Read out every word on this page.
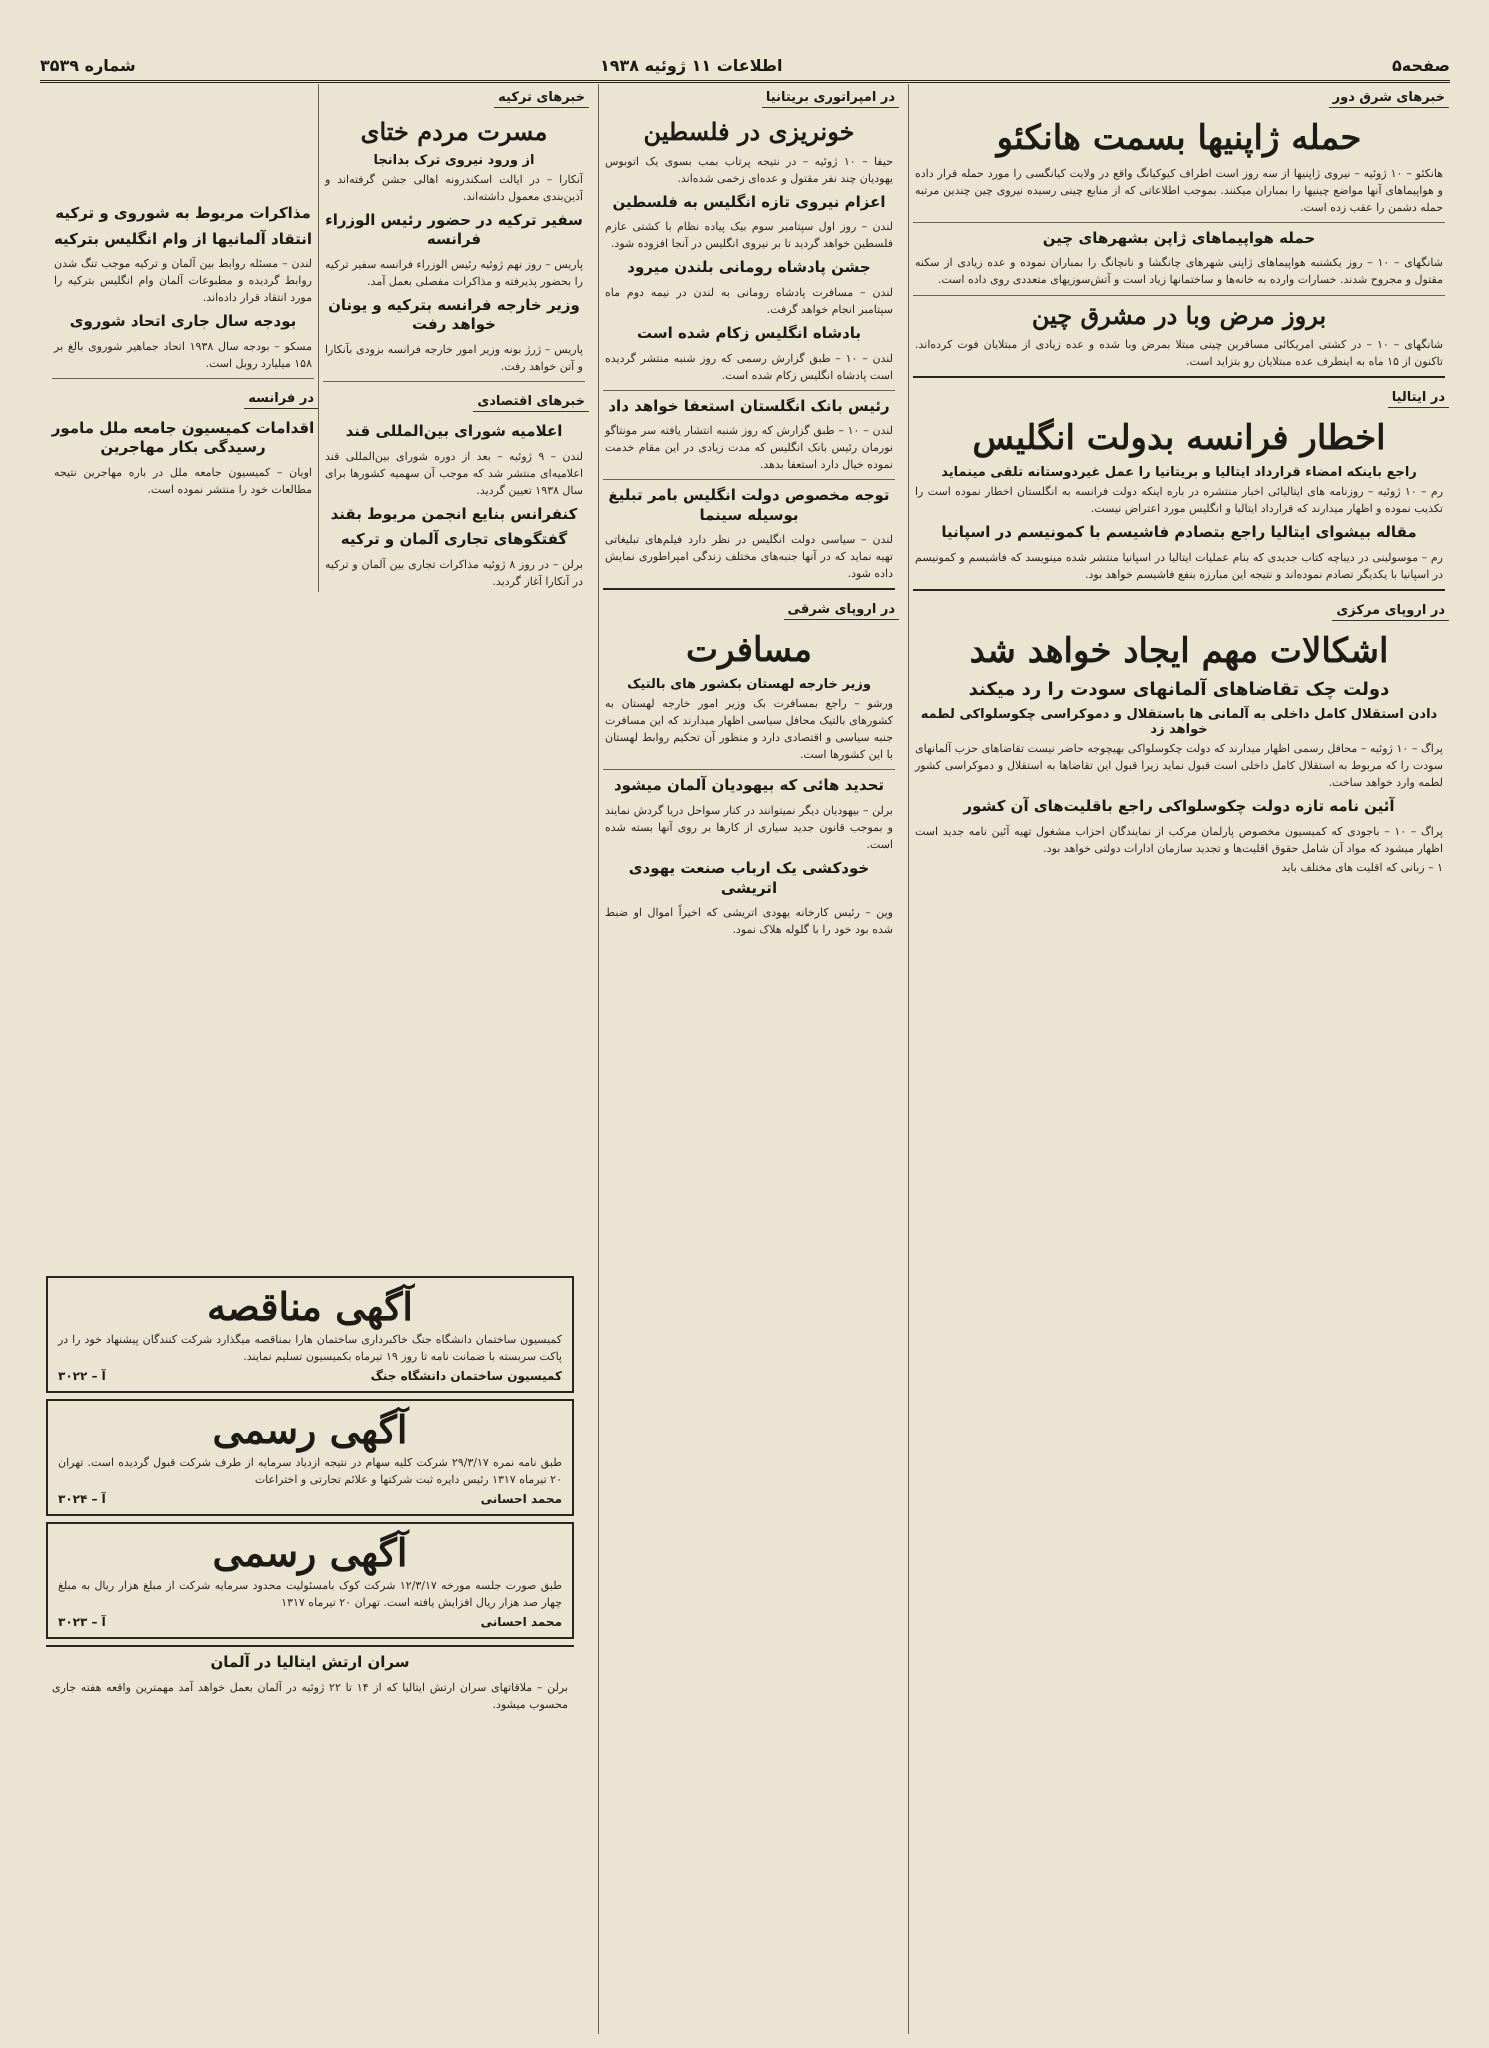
صفحه۵
اطلاعات ۱۱ ژوئیه ۱۹۳۸
شماره ۳۵۳۹
خبرهای شرق دور
حمله ژاپنیها بسمت هانکئو
هانکئو – ۱۰ ژوئیه – نیروی ژاپنیها از سه روز است اطراف کیوکیانگ واقع در ولایت کیانگسی را مورد حمله قرار داده و هواپیماهای آنها مواضع چینیها را بمباران میکنند. بموجب اطلاعاتی که از منابع چینی رسیده نیروی چین چندین مرتبه حمله دشمن را عقب زده است.
حمله هواپیماهای ژاپن بشهرهای چین
شانگهای – ۱۰ – روز یکشنبه هواپیماهای ژاپنی شهرهای چانگشا و نانچانگ را بمباران نموده و عده زیادی از سکنه مقتول و مجروح شدند. خسارات وارده به خانه‌ها و ساختمانها زیاد است و آتش‌سوزیهای متعددی روی داده است.
بروز مرض وبا در مشرق چین
شانگهای – ۱۰ – در کشتی امریکائی مسافرین چینی مبتلا بمرض وبا شده و عده زیادی از مبتلایان فوت کرده‌اند. تاکنون از ۱۵ ماه به اینطرف عده مبتلایان رو بتزاید است.
در ایتالیا
اخطار فرانسه بدولت انگلیس
راجع باینکه امضاء قرارداد ایتالیا و بریتانیا را عمل غیردوستانه تلقی مینماید
رم – ۱۰ ژوئیه – روزنامه های ایتالیائی اخبار منتشره در باره اینکه دولت فرانسه به انگلستان اخطار نموده است را تکذیب نموده و اظهار میدارند که قرارداد ایتالیا و انگلیس مورد اعتراض نیست.
مقاله بیشوای ایتالیا راجع بتصادم فاشیسم با کمونیسم در اسپانیا
رم – موسولینی در دیباچه کتاب جدیدی که بنام عملیات ایتالیا در اسپانیا منتشر شده مینویسد که فاشیسم و کمونیسم در اسپانیا با یکدیگر تصادم نموده‌اند و نتیجه این مبارزه بنفع فاشیسم خواهد بود.
در اروپای مرکزی
اشکالات مهم ایجاد خواهد شد
دولت چک تقاضاهای آلمانهای سودت را رد میکند
دادن استقلال کامل داخلی به آلمانی ها باستقلال و دموکراسی چکوسلواکی لطمه خواهد زد
پراگ – ۱۰ ژوئیه – محافل رسمی اظهار میدارند که دولت چکوسلواکی بهیچوجه حاضر نیست تقاضاهای حزب آلمانهای سودت را که مربوط به استقلال کامل داخلی است قبول نماید زیرا قبول این تقاضاها به استقلال و دموکراسی کشور لطمه وارد خواهد ساخت.
آئین نامه تازه دولت چکوسلواکی راجع باقلیت‌های آن کشور
پراگ – ۱۰ – باجودی که کمیسیون مخصوص پارلمان مرکب از نمایندگان احزاب مشغول تهیه آئین نامه جدید است اظهار میشود که مواد آن شامل حقوق اقلیت‌ها و تجدید سازمان ادارات دولتی خواهد بود.
۱ – زبانی که اقلیت های مختلف باید
در امپراتوری بریتانیا
خونریزی در فلسطین
حیفا – ۱۰ ژوئیه – در نتیجه پرتاب بمب بسوی یک اتوبوس یهودیان چند نفر مقتول و عده‌ای زخمی شده‌اند.
اعزام نیروی تازه انگلیس به فلسطین
لندن – روز اول سپتامبر سوم بیک پیاده نظام با کشتی عازم فلسطین خواهد گردید تا بر نیروی انگلیس در آنجا افزوده شود.
جشن پادشاه رومانی بلندن میرود
لندن – مسافرت پادشاه رومانی به لندن در نیمه دوم ماه سپتامبر انجام خواهد گرفت.
بادشاه انگلیس زکام شده است
لندن – ۱۰ – طبق گزارش رسمی که روز شنبه منتشر گردیده است پادشاه انگلیس زکام شده است.
رئیس بانک انگلستان استعفا خواهد داد
لندن – ۱۰ – طبق گزارش که روز شنبه انتشار یافته سر مونتاگو نورمان رئیس بانک انگلیس که مدت زیادی در این مقام خدمت نموده خیال دارد استعفا بدهد.
توجه مخصوص دولت انگلیس بامر تبلیغ بوسیله سینما
لندن – سیاسی دولت انگلیس در نظر دارد فیلم‌های تبلیغاتی تهیه نماید که در آنها جنبه‌های مختلف زندگی امپراطوری نمایش داده شود.
در اروپای شرقی
مسافرت
وزیر خارجه لهستان بکشور های بالتیک
ورشو – راجع بمسافرت بک وزیر امور خارجه لهستان به کشورهای بالتیک محافل سیاسی اظهار میدارند که این مسافرت جنبه سیاسی و اقتصادی دارد و منظور آن تحکیم روابط لهستان با این کشورها است.
تحدید هائی که بیهودیان آلمان میشود
برلن – بیهودیان دیگر نمیتوانند در کنار سواحل دریا گردش نمایند و بموجب قانون جدید سیاری از کارها بر روی آنها بسته شده است.
خودکشی یک ارباب صنعت یهودی اتریشی
وین – رئیس کارخانه یهودی اتریشی که اخیراً اموال او ضبط شده بود خود را با گلوله هلاک نمود.
خبرهای ترکیه
مسرت مردم ختای
از ورود نیروی ترک بدانجا
آنکارا – در ایالت اسکندرونه اهالی جشن گرفته‌اند و آذین‌بندی معمول داشته‌اند.
سفیر ترکیه در حضور رئیس الوزراء فرانسه
پاریس – روز نهم ژوئیه رئیس الوزراء فرانسه سفیر ترکیه را بحضور پذیرفته و مذاکرات مفصلی بعمل آمد.
وزیر خارجه فرانسه بترکیه و یونان خواهد رفت
پاریس – ژرژ بونه وزیر امور خارجه فرانسه بزودی بآنکارا و آتن خواهد رفت.
خبرهای اقتصادی
اعلامیه شورای بین‌المللی قند
لندن – ۹ ژوئیه – بعد از دوره شورای بین‌المللی قند اعلامیه‌ای منتشر شد که موجب آن سهمیه کشورها برای سال ۱۹۳۸ تعیین گردید.
کنفرانس بنایع انجمن مربوط بقند
گفتگوهای تجاری آلمان و ترکیه
برلن – در روز ۸ ژوئیه مذاکرات تجاری بین آلمان و ترکیه در آنکارا آغاز گردید.
مذاکرات مربوط به شوروی و ترکیه
انتقاد آلمانیها از وام انگلیس بترکیه
لندن – مسئله روابط بین آلمان و ترکیه موجب تنگ شدن روابط گردیده و مطبوعات آلمان وام انگلیس بترکیه را مورد انتقاد قرار داده‌اند.
بودجه سال جاری اتحاد شوروی
مسکو – بودجه سال ۱۹۳۸ اتحاد جماهیر شوروی بالغ بر ۱۵۸ میلیارد روبل است.
در فرانسه
اقدامات کمیسیون جامعه ملل مامور رسیدگی بکار مهاجرین
اویان – کمیسیون جامعه ملل در باره مهاجرین نتیجه مطالعات خود را منتشر نموده است.
آگهی مناقصه
کمیسیون ساختمان دانشگاه جنگ خاکبرداری ساختمان هارا بمناقصه میگذارد شرکت کنندگان پیشنهاد خود را در پاکت سربسته با ضمانت نامه تا روز ۱۹ تیرماه بکمیسیون تسلیم نمایند.
کمیسیون ساختمان دانشگاه جنگ
آ – ۳۰۲۲
آگهی رسمی
طبق نامه نمره ۲۹/۳/۱۷ شرکت کلیه سهام در نتیجه ازدیاد سرمایه از طرف شرکت قبول گردیده است. تهران ۲۰ تیرماه ۱۳۱۷ رئیس دایره ثبت شرکتها و علائم تجارتی و اختراعات
محمد احسانی
آ – ۳۰۲۴
آگهی رسمی
طبق صورت جلسه مورخه ۱۲/۳/۱۷ شرکت کوک بامسئولیت محدود سرمایه شرکت از مبلغ هزار ریال به مبلغ چهار صد هزار ریال افزایش یافته است. تهران ۲۰ تیرماه ۱۳۱۷
محمد احسانی
آ – ۳۰۲۳
سران ارتش ایتالیا در آلمان
برلن – ملاقاتهای سران ارتش ایتالیا که از ۱۴ تا ۲۲ ژوئیه در آلمان بعمل خواهد آمد مهمترین واقعه هفته جاری محسوب میشود.
